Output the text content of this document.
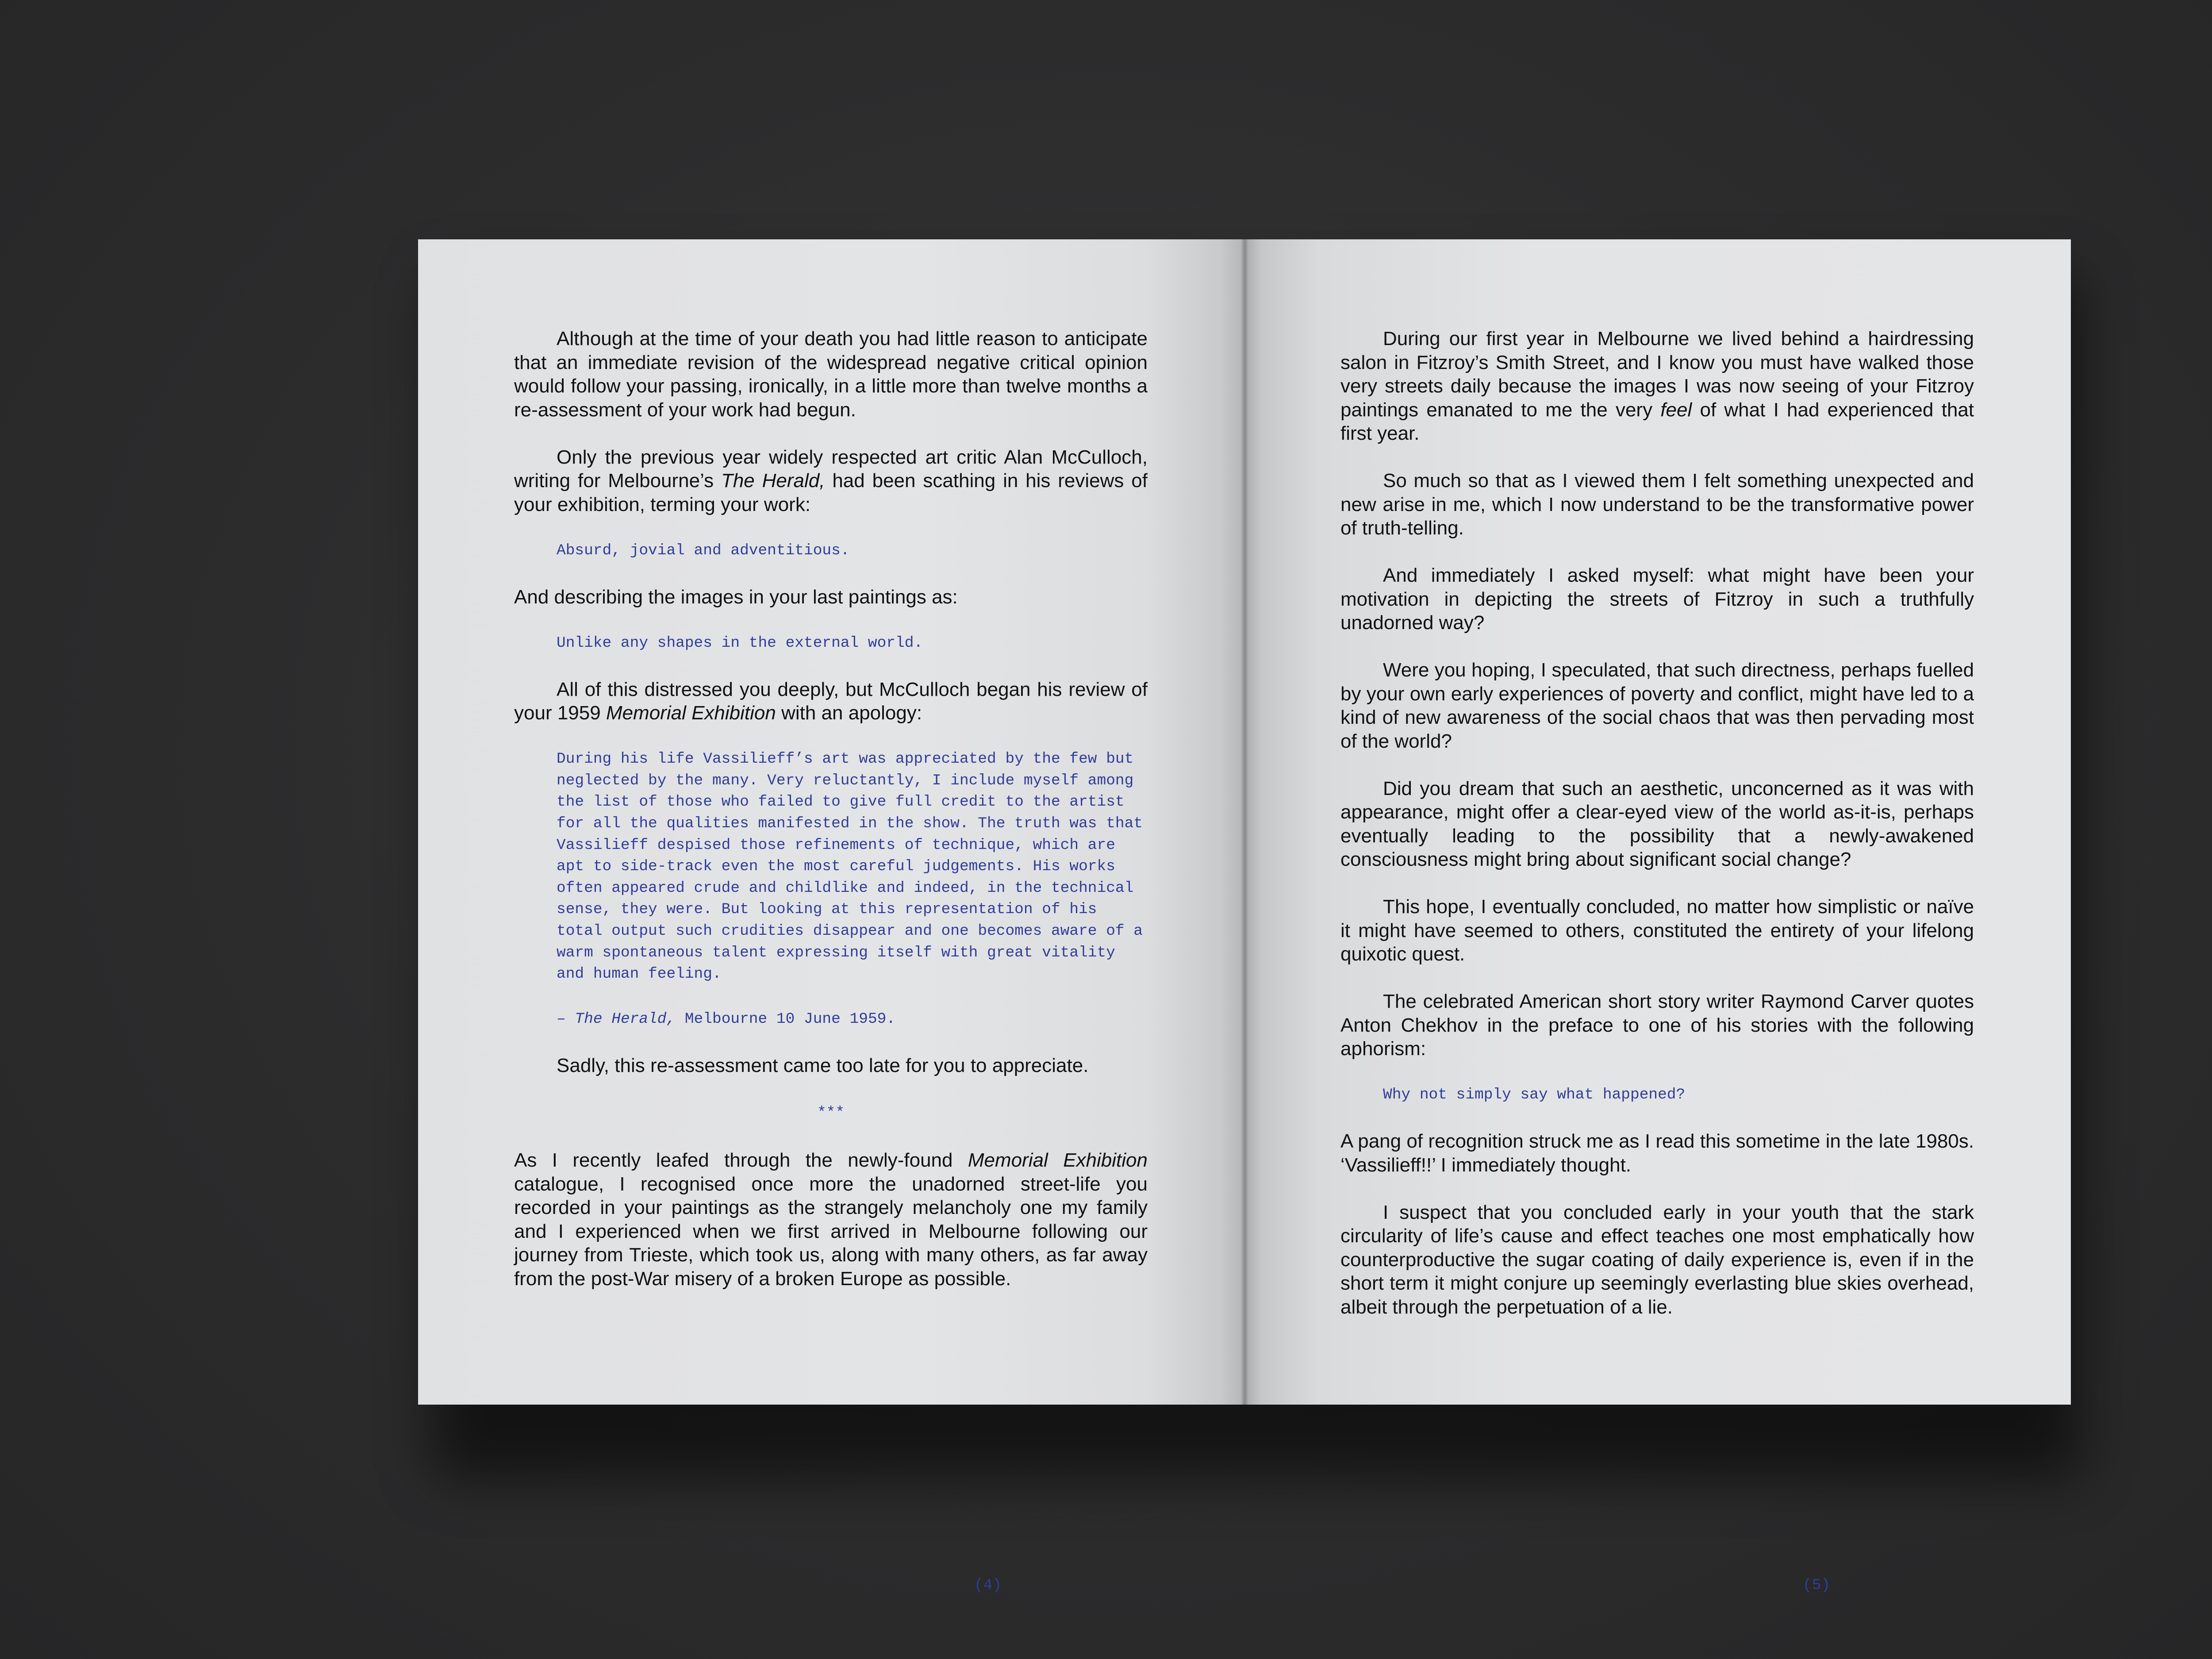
Although at the time of your death you had little reason to anticipate that an immediate revision of the widespread negative critical opinion would follow your passing, ironically, in a little more than twelve months a re-assessment of your work had begun.

Only the previous year widely respected art critic Alan McCulloch, writing for Melbourne’s The Herald, had been scathing in his reviews of your exhibition, terming your work:

Absurd, jovial and adventitious.

And describing the images in your last paintings as:

Unlike any shapes in the external world.

All of this distressed you deeply, but McCulloch began his review of your 1959 Memorial Exhibition with an apology:

During his life Vassilieff’s art was appreciated by the few but neglected by the many. Very reluctantly, I include myself among the list of those who failed to give full credit to the artist for all the qualities manifested in the show. The truth was that Vassilieff despised those refinements of technique, which are apt to side-track even the most careful judgements. His works often appeared crude and childlike and indeed, in the technical sense, they were. But looking at this representation of his total output such crudities disappear and one becomes aware of a warm spontaneous talent expressing itself with great vitality and human feeling.
– The Herald, Melbourne 10 June 1959.

Sadly, this re-assessment came too late for you to appreciate.

***

As I recently leafed through the newly-found Memorial Exhibition catalogue, I recognised once more the unadorned street-life you recorded in your paintings as the strangely melancholy one my family and I experienced when we first arrived in Melbourne following our journey from Trieste, which took us, along with many others, as far away from the post-War misery of a broken Europe as possible.

During our first year in Melbourne we lived behind a hairdressing salon in Fitzroy’s Smith Street, and I know you must have walked those very streets daily because the images I was now seeing of your Fitzroy paintings emanated to me the very feel of what I had experienced that first year.

So much so that as I viewed them I felt something unexpected and new arise in me, which I now understand to be the transformative power of truth-telling.

And immediately I asked myself: what might have been your motivation in depicting the streets of Fitzroy in such a truthfully unadorned way?

Were you hoping, I speculated, that such directness, perhaps fuelled by your own early experiences of poverty and conflict, might have led to a kind of new awareness of the social chaos that was then pervading most of the world?

Did you dream that such an aesthetic, unconcerned as it was with appearance, might offer a clear-eyed view of the world as-it-is, perhaps eventually leading to the possibility that a newly-awakened consciousness might bring about significant social change?

This hope, I eventually concluded, no matter how simplistic or naïve it might have seemed to others, constituted the entirety of your lifelong quixotic quest.

The celebrated American short story writer Raymond Carver quotes Anton Chekhov in the preface to one of his stories with the following aphorism:

Why not simply say what happened?

A pang of recognition struck me as I read this sometime in the late 1980s. ‘Vassilieff!!’ I immediately thought.

I suspect that you concluded early in your youth that the stark circularity of life’s cause and effect teaches one most emphatically how counterproductive the sugar coating of daily experience is, even if in the short term it might conjure up seemingly everlasting blue skies overhead, albeit through the perpetuation of a lie.

(4)	(5)
